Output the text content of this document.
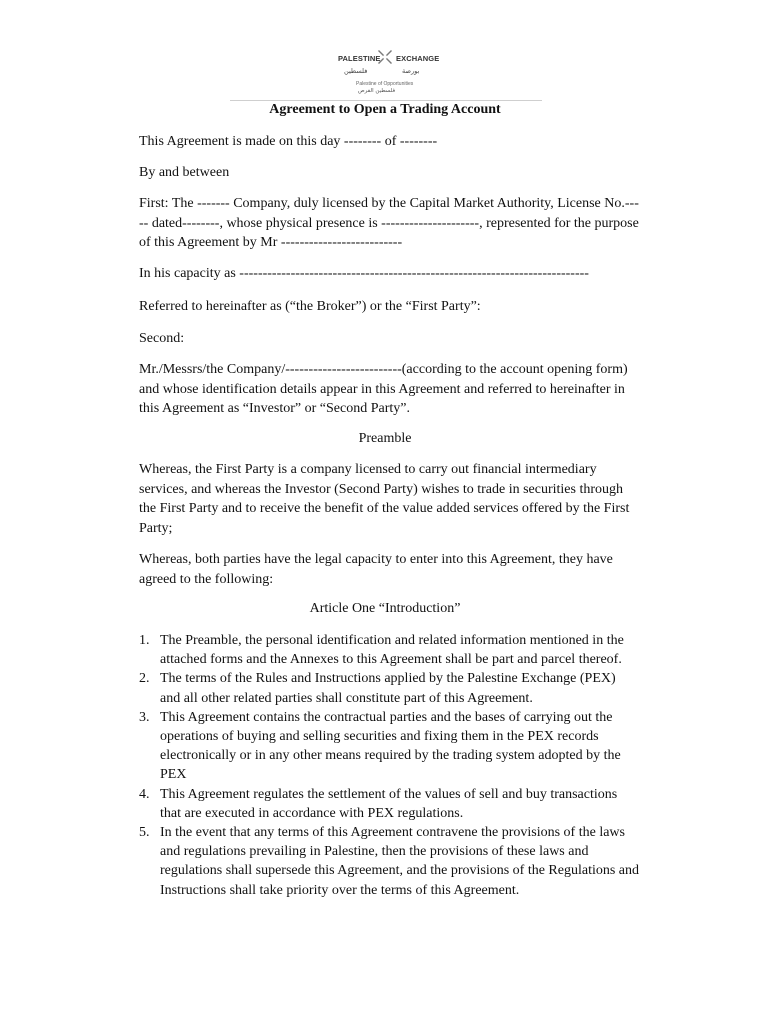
PALESTINE EXCHANGE
فلسطين	بورصة
Palestine of Opportunities
فلسطين الفرص
Agreement to Open a Trading Account

This Agreement is made on this day -------- of --------

By and between

First: The ------- Company, duly licensed by the Capital Market Authority, License No.----- dated--------, whose physical presence is ---------------------, represented for the purpose of this Agreement by Mr --------------------------

In his capacity as ---------------------------------------------------------------------------

Referred to hereinafter as (“the Broker”) or the “First Party”:

Second:

Mr./Messrs/the Company/-------------------------(according to the account opening form) and whose identification details appear in this Agreement and referred to hereinafter in this Agreement as “Investor” or “Second Party”.

Preamble

Whereas, the First Party is a company licensed to carry out financial intermediary services, and whereas the Investor (Second Party) wishes to trade in securities through the First Party and to receive the benefit of the value added services offered by the First Party;

Whereas, both parties have the legal capacity to enter into this Agreement, they have agreed to the following:

Article One “Introduction”
1. The Preamble, the personal identification and related information mentioned in the attached forms and the Annexes to this Agreement shall be part and parcel thereof.
2. The terms of the Rules and Instructions applied by the Palestine Exchange (PEX) and all other related parties shall constitute part of this Agreement.
3. This Agreement contains the contractual parties and the bases of carrying out the operations of buying and selling securities and fixing them in the PEX records electronically or in any other means required by the trading system adopted by the PEX
4. This Agreement regulates the settlement of the values of sell and buy transactions that are executed in accordance with PEX regulations.
5. In the event that any terms of this Agreement contravene the provisions of the laws and regulations prevailing in Palestine, then the provisions of these laws and regulations shall supersede this Agreement, and the provisions of the Regulations and Instructions shall take priority over the terms of this Agreement.
